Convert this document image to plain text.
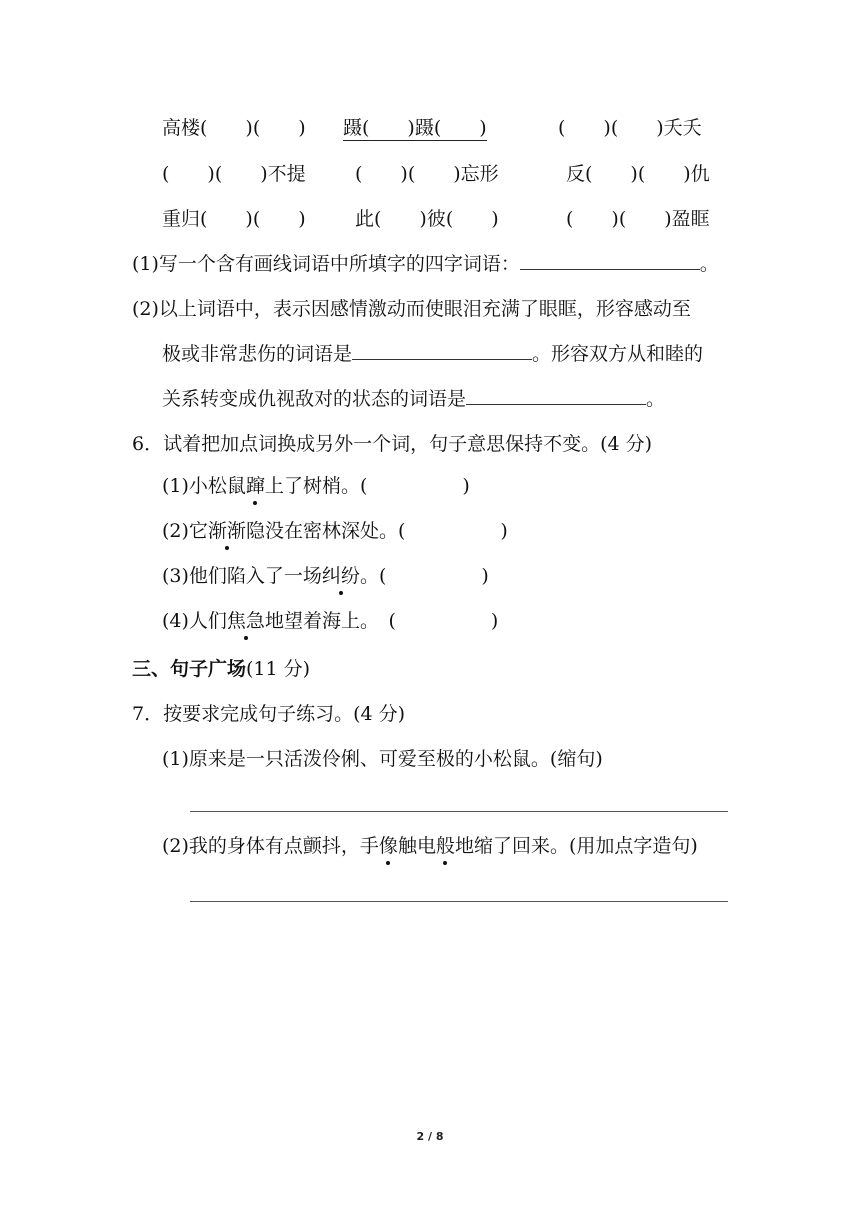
高楼(　　)(　　) 蹑(　　)蹑(　　)	(　　)(　　)夭夭
(　　)(　　)不提	(　　)(　　)忘形	反(　　)(　　)仇
重归(　　)(　　)	此(　　)彼(　　)	(　　)(　　)盈眶
(1)写一个含有画线词语中所填字的四字词语：	。
(2)以上词语中，表示因感情激动而使眼泪充满了眼眶，形容感动至
极或非常悲伤的词语是	。形容双方从和睦的
关系转变成仇视敌对的状态的词语是	。
6．试着把加点词换成另外一个词，句子意思保持不变。(4 分)
(1)小松鼠蹿上了树梢。(　　　　　)
(2)它渐渐隐没在密林深处。(　　　　　)
(3)他们陷入了一场纠纷。(　　　　　)
(4)人们焦急地望着海上。　(　　　　　)
三、句子广场(11 分)
7．按要求完成句子练习。(4 分)
(1)原来是一只活泼伶俐、可爱至极的小松鼠。(缩句)
(2)我的身体有点颤抖，手像触电般地缩了回来。(用加点字造句)
2 / 8
